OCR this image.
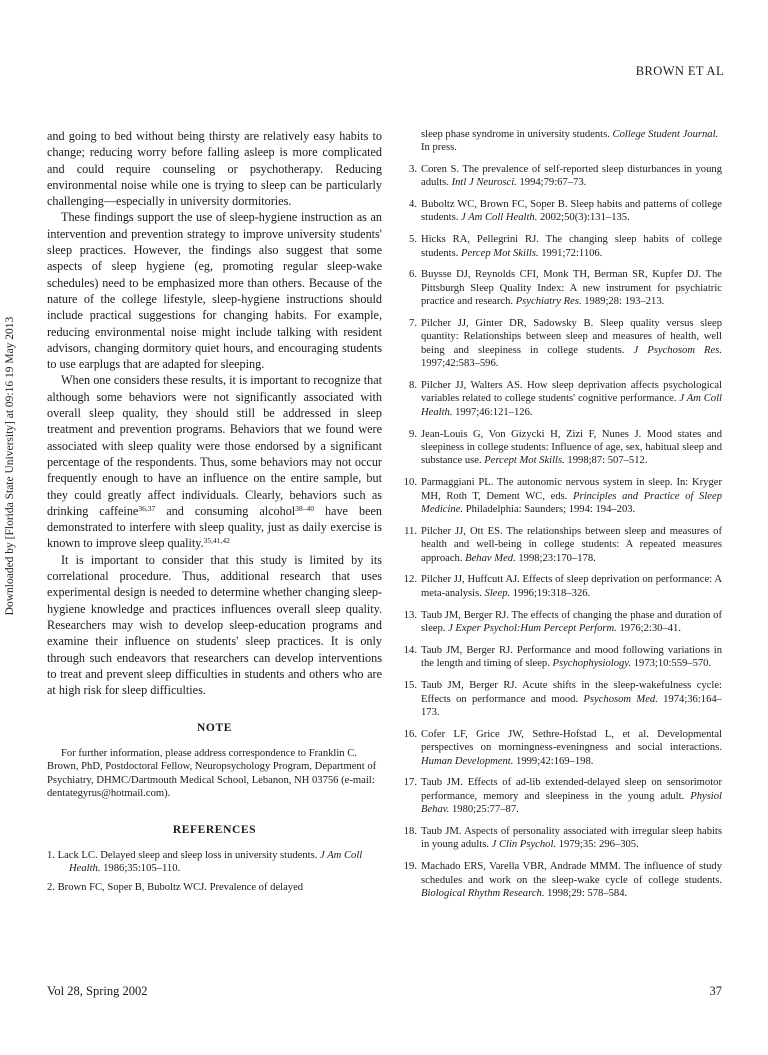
BROWN ET AL
Downloaded by [Florida State University] at 09:16 19 May 2013

and going to bed without being thirsty are relatively easy habits to change; reducing worry before falling asleep is more complicated and could require counseling or psychotherapy. Reducing environmental noise while one is trying to sleep can be particularly challenging—especially in university dormitories.

These findings support the use of sleep-hygiene instruction as an intervention and prevention strategy to improve university students' sleep practices. However, the findings also suggest that some aspects of sleep hygiene (eg, promoting regular sleep-wake schedules) need to be emphasized more than others. Because of the nature of the college lifestyle, sleep-hygiene instructions should include practical suggestions for changing habits. For example, reducing environmental noise might include talking with resident advisors, changing dormitory quiet hours, and encouraging students to use earplugs that are adapted for sleeping.

When one considers these results, it is important to recognize that although some behaviors were not significantly associated with overall sleep quality, they should still be addressed in sleep treatment and prevention programs. Behaviors that we found were associated with sleep quality were those endorsed by a significant percentage of the respondents. Thus, some behaviors may not occur frequently enough to have an influence on the entire sample, but they could greatly affect individuals. Clearly, behaviors such as drinking caffeine$^{36,37}$ and consuming alcohol$^{38-40}$ have been demonstrated to interfere with sleep quality, just as daily exercise is known to improve sleep quality.$^{35,41,42}$

It is important to consider that this study is limited by its correlational procedure. Thus, additional research that uses experimental design is needed to determine whether changing sleep-hygiene knowledge and practices influences overall sleep quality. Researchers may wish to develop sleep-education programs and examine their influence on students' sleep practices. It is only through such endeavors that researchers can develop interventions to treat and prevent sleep difficulties in students and others who are at high risk for sleep difficulties.

NOTE

For further information, please address correspondence to Franklin C. Brown, PhD, Postdoctoral Fellow, Neuropsychology Program, Department of Psychiatry, DHMC/Dartmouth Medical School, Lebanon, NH 03756 (e-mail: dentategyrus@hotmail.com).

REFERENCES
1. Lack LC. Delayed sleep and sleep loss in university students. J Am Coll Health. 1986;35:105–110.
2. Brown FC, Soper B, Buboltz WCJ. Prevalence of delayed
sleep phase syndrome in university students. College Student Journal. In press.
3. Coren S. The prevalence of self-reported sleep disturbances in young adults. Intl J Neurosci. 1994;79:67–73.
4. Buboltz WC, Brown FC, Soper B. Sleep habits and patterns of college students. J Am Coll Health. 2002;50(3):131–135.
5. Hicks RA, Pellegrini RJ. The changing sleep habits of college students. Percep Mot Skills. 1991;72:1106.
6. Buysse DJ, Reynolds CFI, Monk TH, Berman SR, Kupfer DJ. The Pittsburgh Sleep Quality Index: A new instrument for psychiatric practice and research. Psychiatry Res. 1989;28: 193–213.
7. Pilcher JJ, Ginter DR, Sadowsky B. Sleep quality versus sleep quantity: Relationships between sleep and measures of health, well being and sleepiness in college students. J Psychosom Res. 1997;42:583–596.
8. Pilcher JJ, Walters AS. How sleep deprivation affects psychological variables related to college students' cognitive performance. J Am Coll Health. 1997;46:121–126.
9. Jean-Louis G, Von Gizycki H, Zizi F, Nunes J. Mood states and sleepiness in college students: Influence of age, sex, habitual sleep and substance use. Percept Mot Skills. 1998;87: 507–512.
10. Parmaggiani PL. The autonomic nervous system in sleep. In: Kryger MH, Roth T, Dement WC, eds. Principles and Practice of Sleep Medicine. Philadelphia: Saunders; 1994: 194–203.
11. Pilcher JJ, Ott ES. The relationships between sleep and measures of health and well-being in college students: A repeated measures approach. Behav Med. 1998;23:170–178.
12. Pilcher JJ, Huffcutt AJ. Effects of sleep deprivation on performance: A meta-analysis. Sleep. 1996;19:318–326.
13. Taub JM, Berger RJ. The effects of changing the phase and duration of sleep. J Exper Psychol:Hum Percept Perform. 1976;2:30–41.
14. Taub JM, Berger RJ. Performance and mood following variations in the length and timing of sleep. Psychophysiology. 1973;10:559–570.
15. Taub JM, Berger RJ. Acute shifts in the sleep-wakefulness cycle: Effects on performance and mood. Psychosom Med. 1974;36:164–173.
16. Cofer LF, Grice JW, Sethre-Hofstad L, et al. Developmental perspectives on morningness-eveningness and social interactions. Human Development. 1999;42:169–198.
17. Taub JM. Effects of ad-lib extended-delayed sleep on sensorimotor performance, memory and sleepiness in the young adult. Physiol Behav. 1980;25:77–87.
18. Taub JM. Aspects of personality associated with irregular sleep habits in young adults. J Clin Psychol. 1979;35: 296–305.
19. Machado ERS, Varella VBR, Andrade MMM. The influence of study schedules and work on the sleep-wake cycle of college students. Biological Rhythm Research. 1998;29: 578–584.
Vol 28, Spring 2002	37
